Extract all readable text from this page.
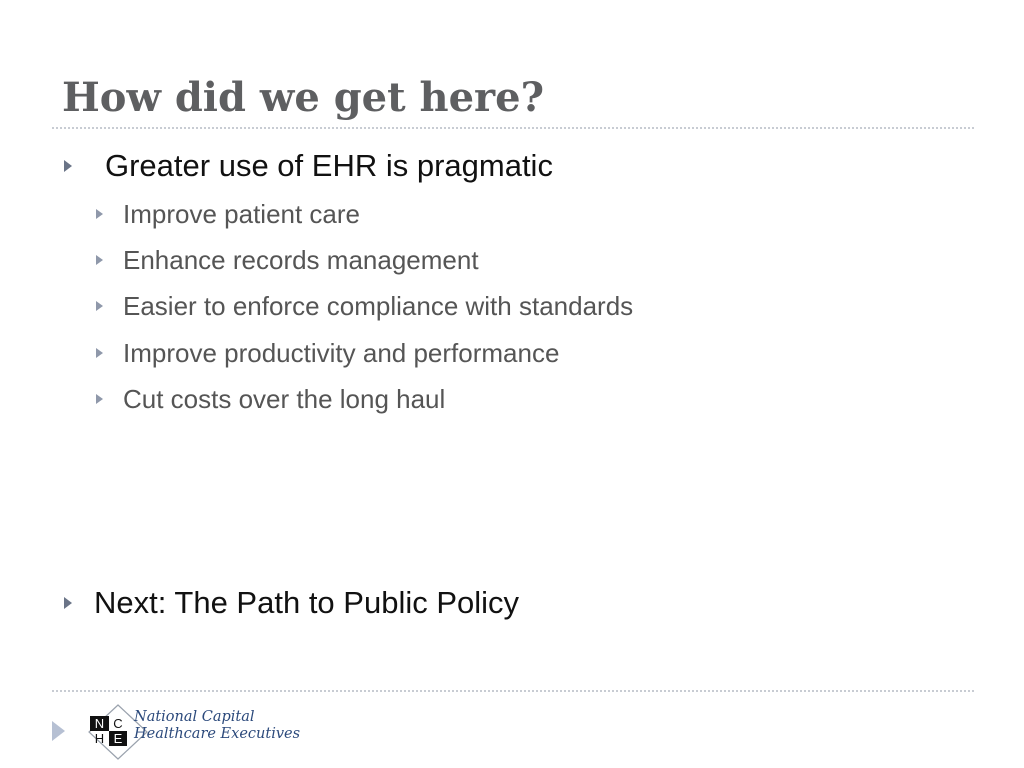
How did we get here?
Greater use of EHR is pragmatic
Improve patient care
Enhance records management
Easier to enforce compliance with standards
Improve productivity and performance
Cut costs over the long haul
Next: The Path to Public Policy
N C
H E
National Capital
Healthcare Executives
